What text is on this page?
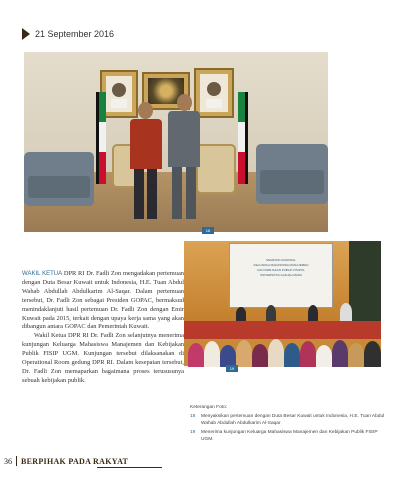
21 September 2016
18
SEMINAR NASIONAL
KELUARGA MAHASISWA MANAJEMEN
DAN KEBIJAKAN PUBLIK FISIPOL
UNIVERSITAS GADJAH MADA
19

WAKIL KETUA DPR RI Dr. Fadli Zon mengadakan pertemuan dengan Duta Besar Kuwait untuk Indonesia, H.E. Tuan Abdul Wahab Abdullah Abdulkarim Al-Saqar. Dalam pertemuan tersebut, Dr. Fadli Zon sebagai Presiden GOPAC, bermaksud menindaklanjuti hasil pertemuan Dr. Fadli Zon dengan Emir Kuwait pada 2015, terkait dengan upaya kerja sama yang akan dibangun antara GOPAC dan Pemerintah Kuwait.

Wakil Ketua DPR RI Dr. Fadli Zon selanjutnya menerima kunjungan Keluarga Mahasiswa Manajemen dan Kebijakan Publik FISIP UGM. Kunjungan tersebut dilaksanakan di Operational Room gedung DPR RI. Dalam kesepatan tersebut, Dr. Fadli Zon memaparkan bagaimana proses terususunya sebuah kebijakan publik.

Keterangan Foto:
18	Menyaksikan pertemuan dengan Duta Besar Kuwait untuk Indonesia, H.E. Tuan Abdul Wahab Abdullah Abdulkarim Al-Saqar
19	Menerima kunjungan Keluarga Mahasiswa Manajemen dan Kebijakan Publik FISIP UGM.
36 BERPIHAK PADA RAKYAT
